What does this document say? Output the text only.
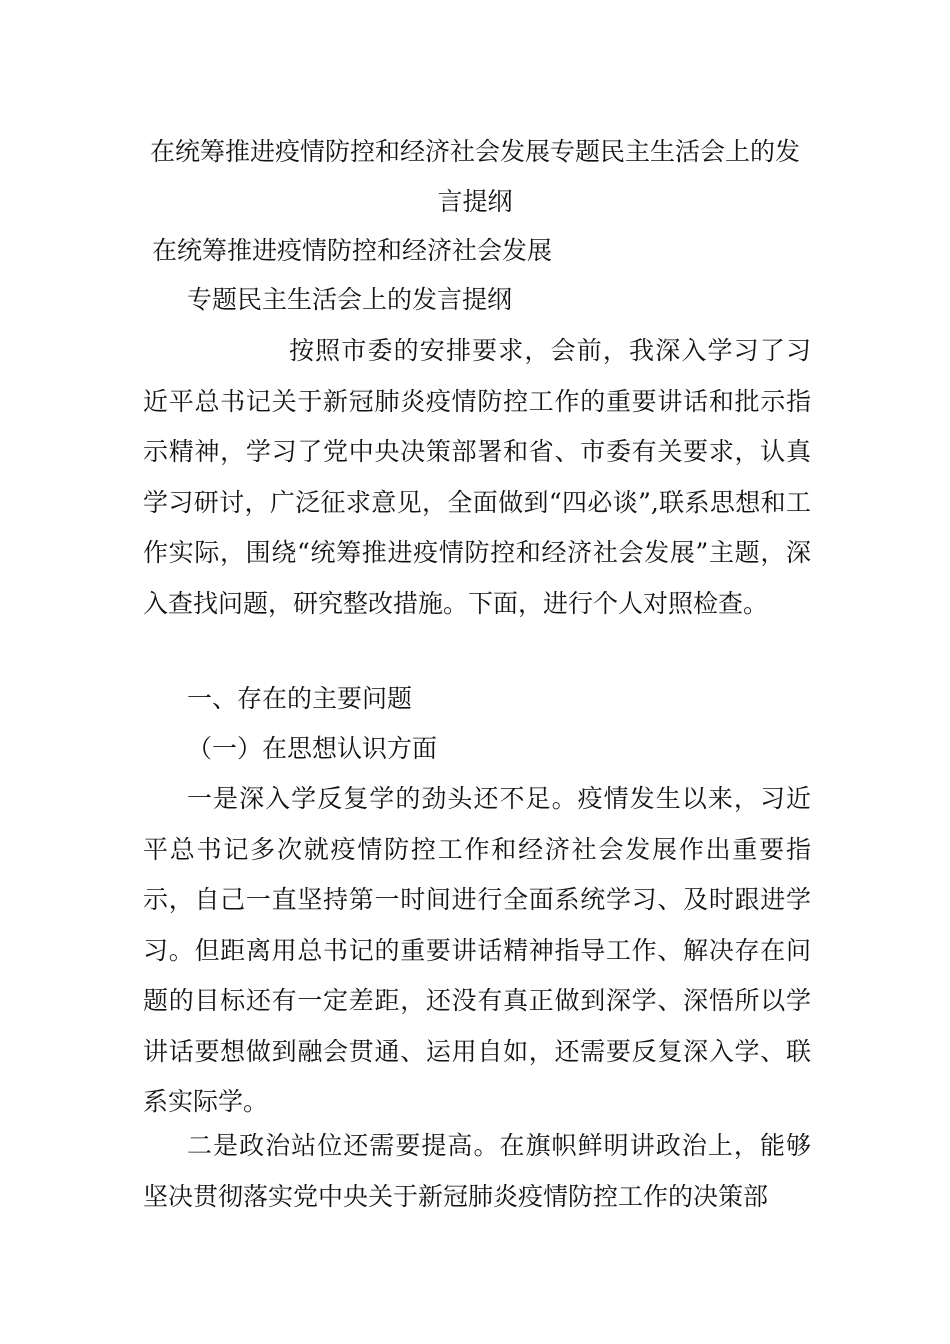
在统筹推进疫情防控和经济社会发展专题民主生活会上的发言提纲
在统筹推进疫情防控和经济社会发展
专题民主生活会上的发言提纲
按照市委的安排要求，会前，我深入学习了习近平总书记关于新冠肺炎疫情防控工作的重要讲话和批示指示精神，学习了党中央决策部署和省、市委有关要求，认真学习研讨，广泛征求意见，全面做到“四必谈”,联系思想和工作实际，围绕“统筹推进疫情防控和经济社会发展”主题，深入查找问题，研究整改措施。下面，进行个人对照检查。
一、存在的主要问题
（一）在思想认识方面
一是深入学反复学的劲头还不足。疫情发生以来，习近平总书记多次就疫情防控工作和经济社会发展作出重要指示，自己一直坚持第一时间进行全面系统学习、及时跟进学习。但距离用总书记的重要讲话精神指导工作、解决存在问题的目标还有一定差距，还没有真正做到深学、深悟所以学讲话要想做到融会贯通、运用自如，还需要反复深入学、联系实际学。
二是政治站位还需要提高。在旗帜鲜明讲政治上，能够坚决贯彻落实党中央关于新冠肺炎疫情防控工作的决策部
